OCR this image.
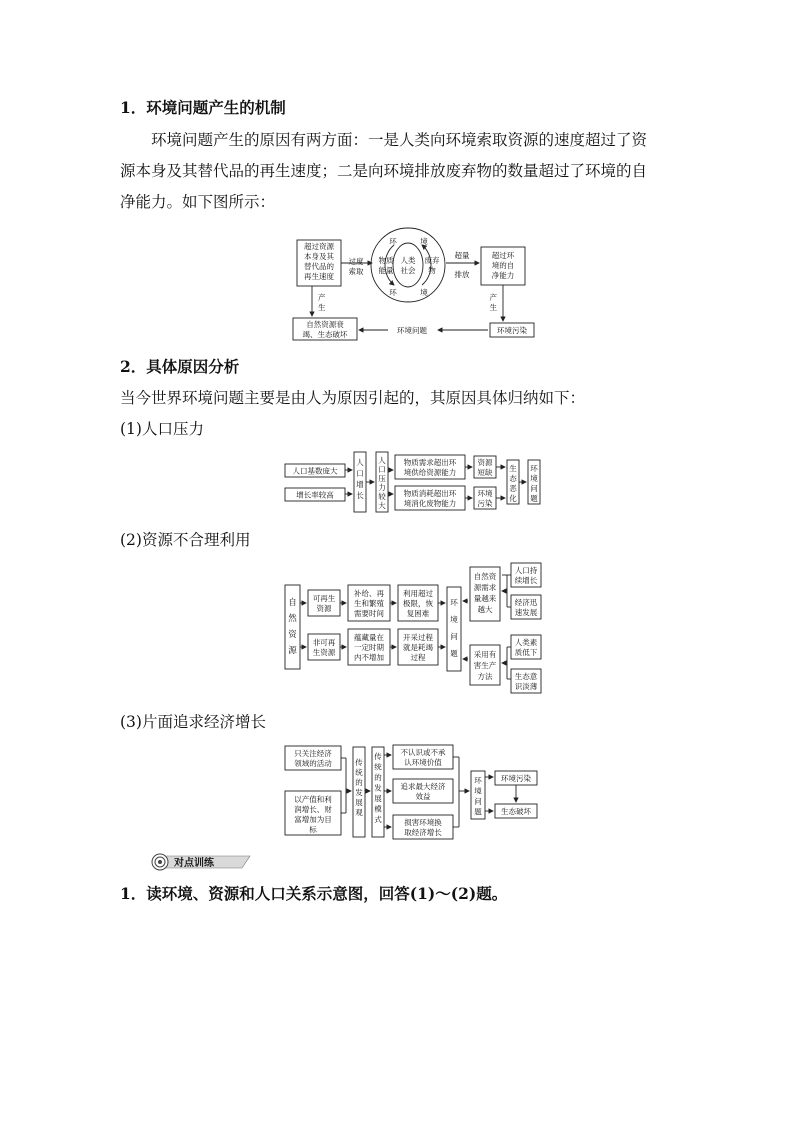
1．环境问题产生的机制

环境问题产生的原因有两方面：一是人类向环境索取资源的速度超过了资

源本身及其替代品的再生速度；二是向环境排放废弃物的数量超过了环境的自

净能力。如下图所示：

超过资源
本身及其
替代品的
再生速度
过度
索取
环	境
环	境
物质
能量
人类
社会
废弃
物
超量
排放
超过环
境的自
净能力
产
生
产
生
自然资源衰
竭、生态破坏	环境问题	环境污染

2．具体原因分析

当今世界环境问题主要是由人为原因引起的，其原因具体归纳如下：

(1)人口压力

人口基数庞大
增长率较高
人口增长
人口压力较大
物质需求超出环
境供给资源能力
物质消耗超出环
境消化废物能力
资源
短缺
环境
污染
生态恶化
环境问题

(2)资源不合理利用

自然资源
可再生
资源
非可再
生资源
补给、再
生和繁殖
需要时间
蕴藏量在
一定时期
内不增加
利用超过
极限，恢
复困难
开采过程
就是耗竭
过程
环境问题
自然资
源需求
量越来
越大
采用有
害生产
方法
人口持
续增长
经济迅
速发展
人类素
质低下
生态意
识淡薄

(3)片面追求经济增长

只关注经济
领域的活动
以产值和利
润增长、财
富增加为目
标
传统的发展观
传统的发展模式
不认识或不承
认环境价值
追求最大经济
效益
损害环境换
取经济增长
环境问题
环境污染
生态破坏
对点训练

1．读环境、资源和人口关系示意图，回答(1)～(2)题。
